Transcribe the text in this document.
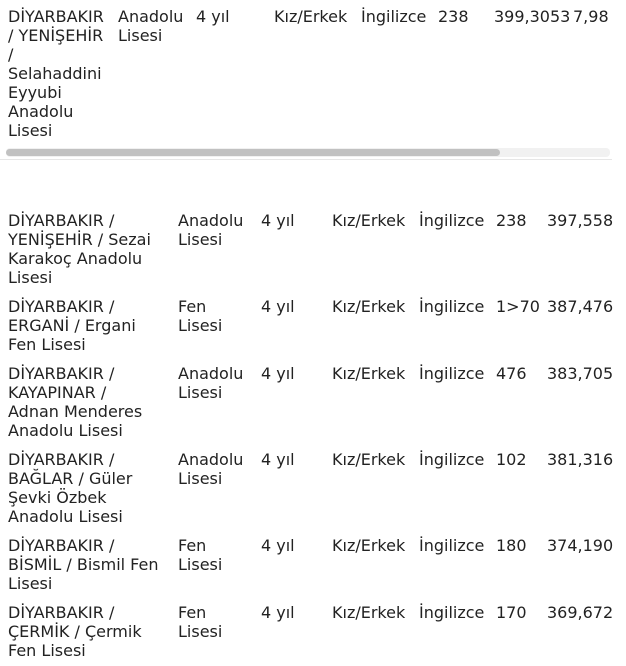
DİYARBAKIR
/ YENİŞEHİR
/
Selahaddini
Eyyubi
Anadolu
Lisesi
Anadolu
Lisesi
4 yıl	Kız/Erkek İngilizce 238 399,3053 7,98
DİYARBAKIR /
YENİŞEHİR / Sezai
Karakoç Anadolu
Lisesi
Anadolu
Lisesi
4 yıl Kız/Erkek İngilizce 238 397,558
DİYARBAKIR /
ERGANİ / Ergani
Fen Lisesi
Fen
Lisesi
4 yıl Kız/Erkek İngilizce 1>70 387,476
DİYARBAKIR /
KAYAPINAR /
Adnan Menderes
Anadolu Lisesi
Anadolu
Lisesi
4 yıl Kız/Erkek İngilizce 476 383,705
DİYARBAKIR /
BAĞLAR / Güler
Şevki Özbek
Anadolu Lisesi
Anadolu
Lisesi
4 yıl Kız/Erkek İngilizce 102 381,316
DİYARBAKIR /
BİSMİL / Bismil Fen
Lisesi
Fen
Lisesi
4 yıl Kız/Erkek İngilizce 180 374,190
DİYARBAKIR /
ÇERMİK / Çermik
Fen Lisesi
Fen
Lisesi
4 yıl Kız/Erkek İngilizce 170 369,672
